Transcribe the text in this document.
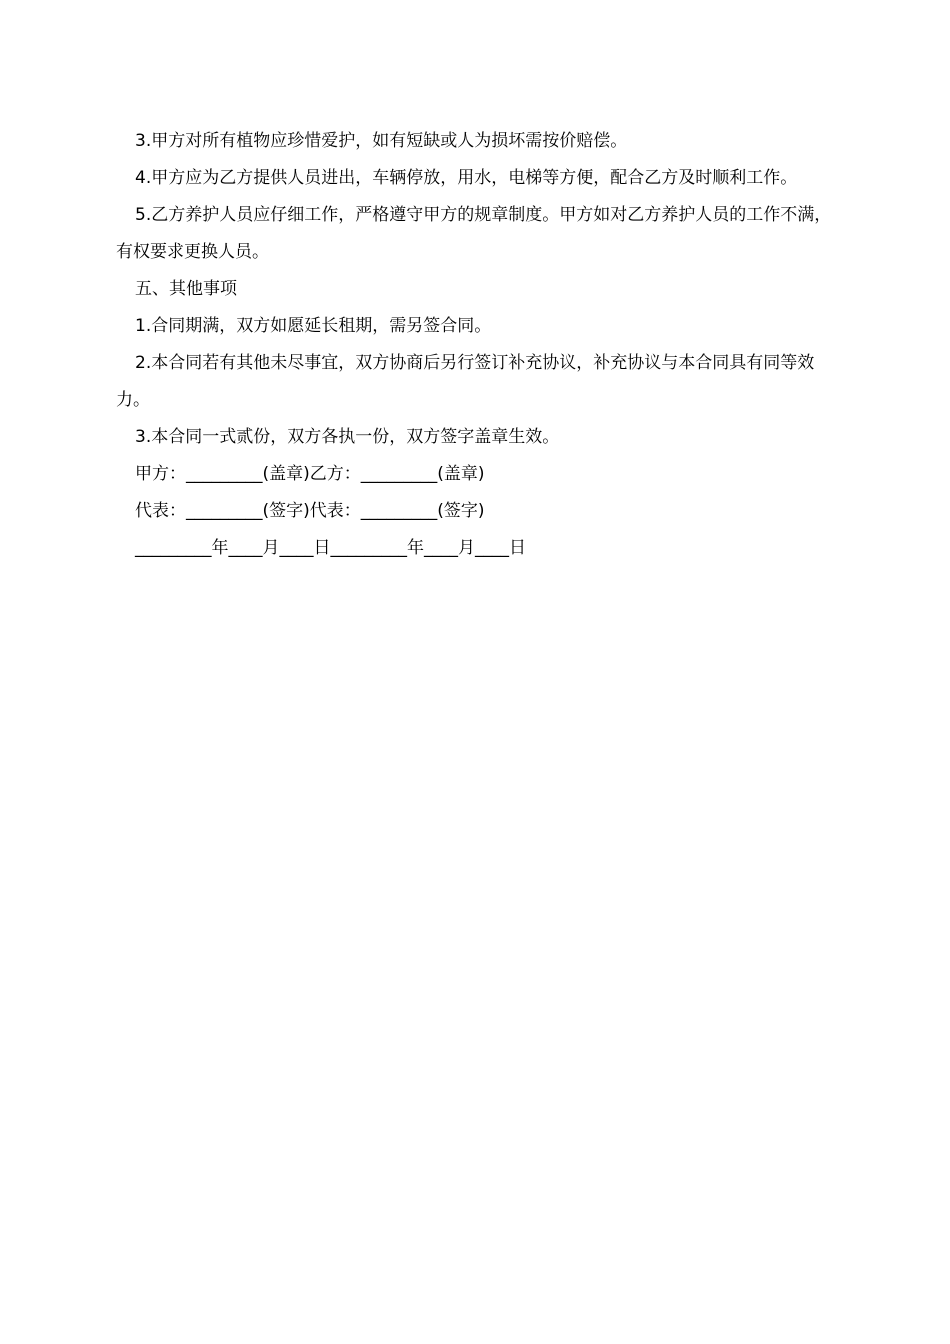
3.甲方对所有植物应珍惜爱护，如有短缺或人为损坏需按价赔偿。

4.甲方应为乙方提供人员进出，车辆停放，用水，电梯等方便，配合乙方及时顺利工作。

5.乙方养护人员应仔细工作，严格遵守甲方的规章制度。甲方如对乙方养护人员的工作不满，有权要求更换人员。

五、其他事项

1.合同期满，双方如愿延长租期，需另签合同。

2.本合同若有其他未尽事宜，双方协商后另行签订补充协议，补充协议与本合同具有同等效力。

3.本合同一式贰份，双方各执一份，双方签字盖章生效。

甲方：_________(盖章)乙方：_________(盖章)

代表：_________(签字)代表：_________(签字)

_________年____月____日_________年____月____日
